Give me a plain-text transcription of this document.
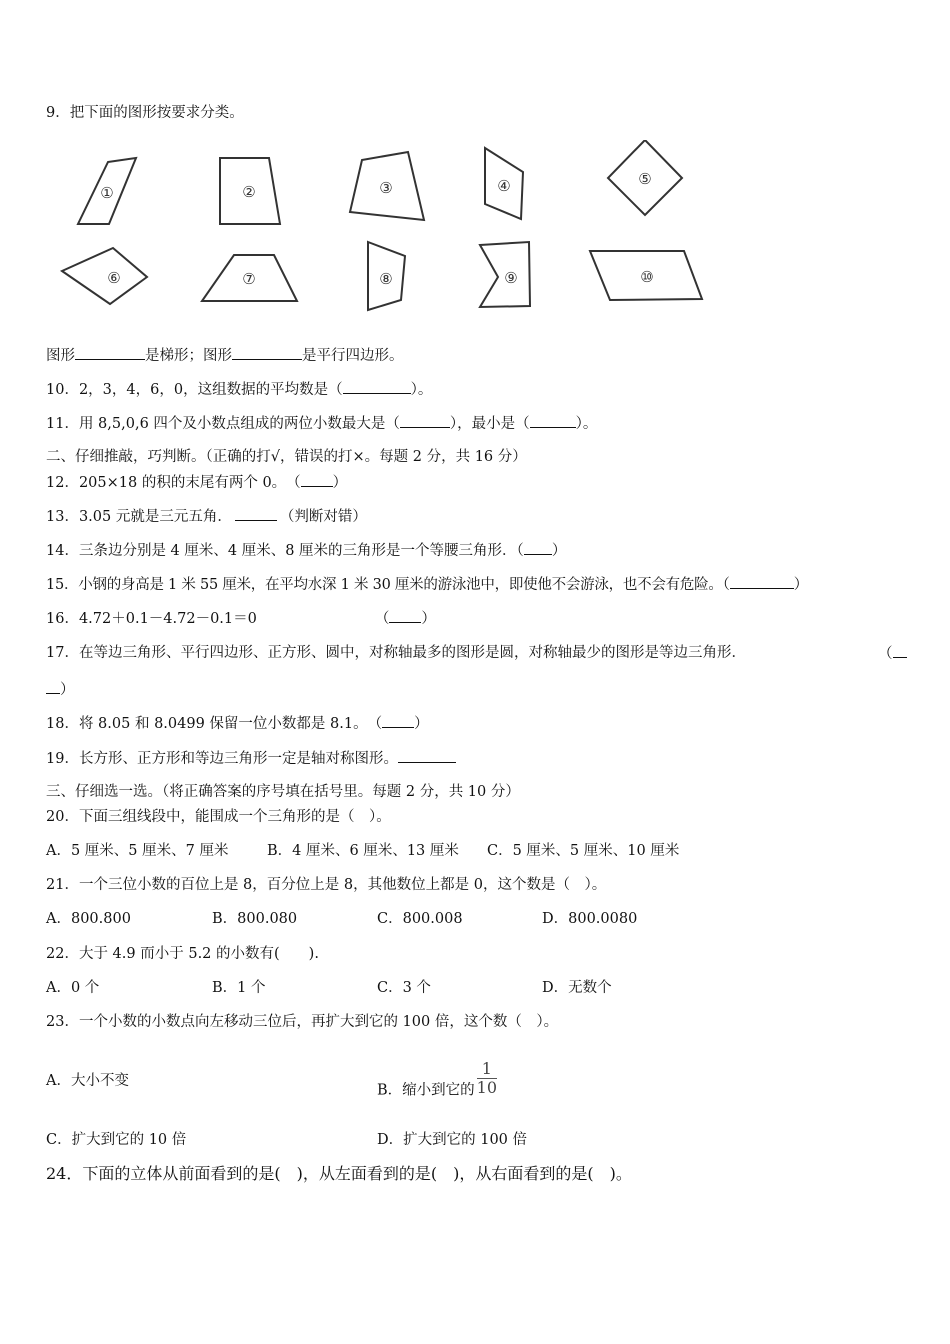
9．把下面的图形按要求分类。
①	②	③	④	⑤
⑥	⑦	⑧	⑨	⑩
图形	是梯形；图形	是平行四边形。
10．2，3，4，6，0，这组数据的平均数是（	）。
11．用 8,5,0,6 四个及小数点组成的两位小数最大是（	），最小是（	）。
二、仔细推敲，巧判断。（正确的打√，错误的打×。每题 2 分，共 16 分）
12．205×18 的积的末尾有两个 0。　（ ）
13．3.05 元就是三元五角．	（判断对错）
14．三条边分别是 4 厘米、4 厘米、8 厘米的三角形是一个等腰三角形．（ ）
15．小钢的身高是 1 米 55 厘米，在平均水深 1 米 30 厘米的游泳池中，即使他不会游泳，也不会有危险。（	）
16．4.72＋0.1－4.72－0.1＝0	（ ）
17．在等边三角形、平行四边形、正方形、圆中，对称轴最多的图形是圆，对称轴最少的图形是等边三角形．	（
）
18．将 8.05 和 8.0499 保留一位小数都是 8.1。　（ ）
19．长方形、正方形和等边三角形一定是轴对称图形。
三、仔细选一选。（将正确答案的序号填在括号里。每题 2 分，共 10 分）
20．下面三组线段中，能围成一个三角形的是（　）。
A．5 厘米、5 厘米、7 厘米	B．4 厘米、6 厘米、13 厘米 C．5 厘米、5 厘米、10 厘米
21．一个三位小数的百位上是 8，百分位上是 8，其他数位上都是 0，这个数是（　）。
A．800.800	B．800.080	C．800.008	D．800.0080
22．大于 4.9 而小于 5.2 的小数有(　　).
A．0 个	B．1 个	C．3 个	D．无数个
23．一个小数的小数点向左移动三位后，再扩大到它的 100 倍，这个数（　）。
A．大小不变
B．缩小到它的 $\frac{1}{10}$
C．扩大到它的 10 倍	D．扩大到它的 100 倍
24．下面的立体从前面看到的是(　)，从左面看到的是(　)，从右面看到的是(　)。
